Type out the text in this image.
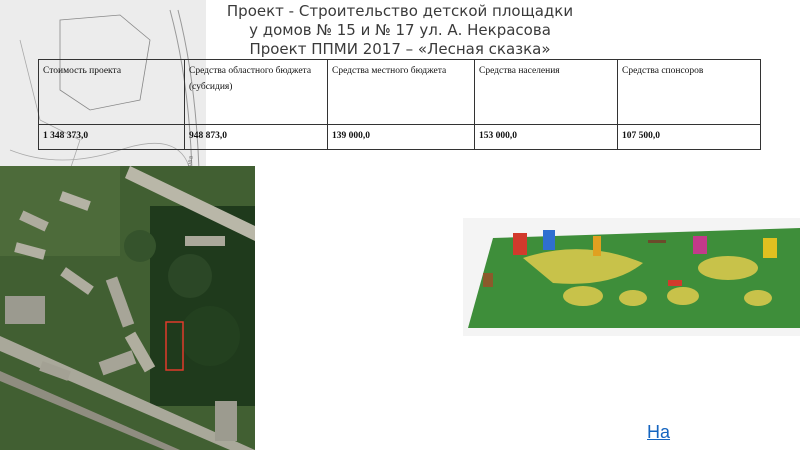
Проект - Строительство детской площадки
у домов № 15 и № 17 ул. А. Некрасова
Проект ППМИ 2017 – «Лесная сказка»
Стоимость проекта	Средства областного бюджета (субсидия)	Средства местного бюджета	Средства населения	Средства спонсоров
1 348 373,0	948 873,0	139 000,0	153 000,0	107 500,0
На
